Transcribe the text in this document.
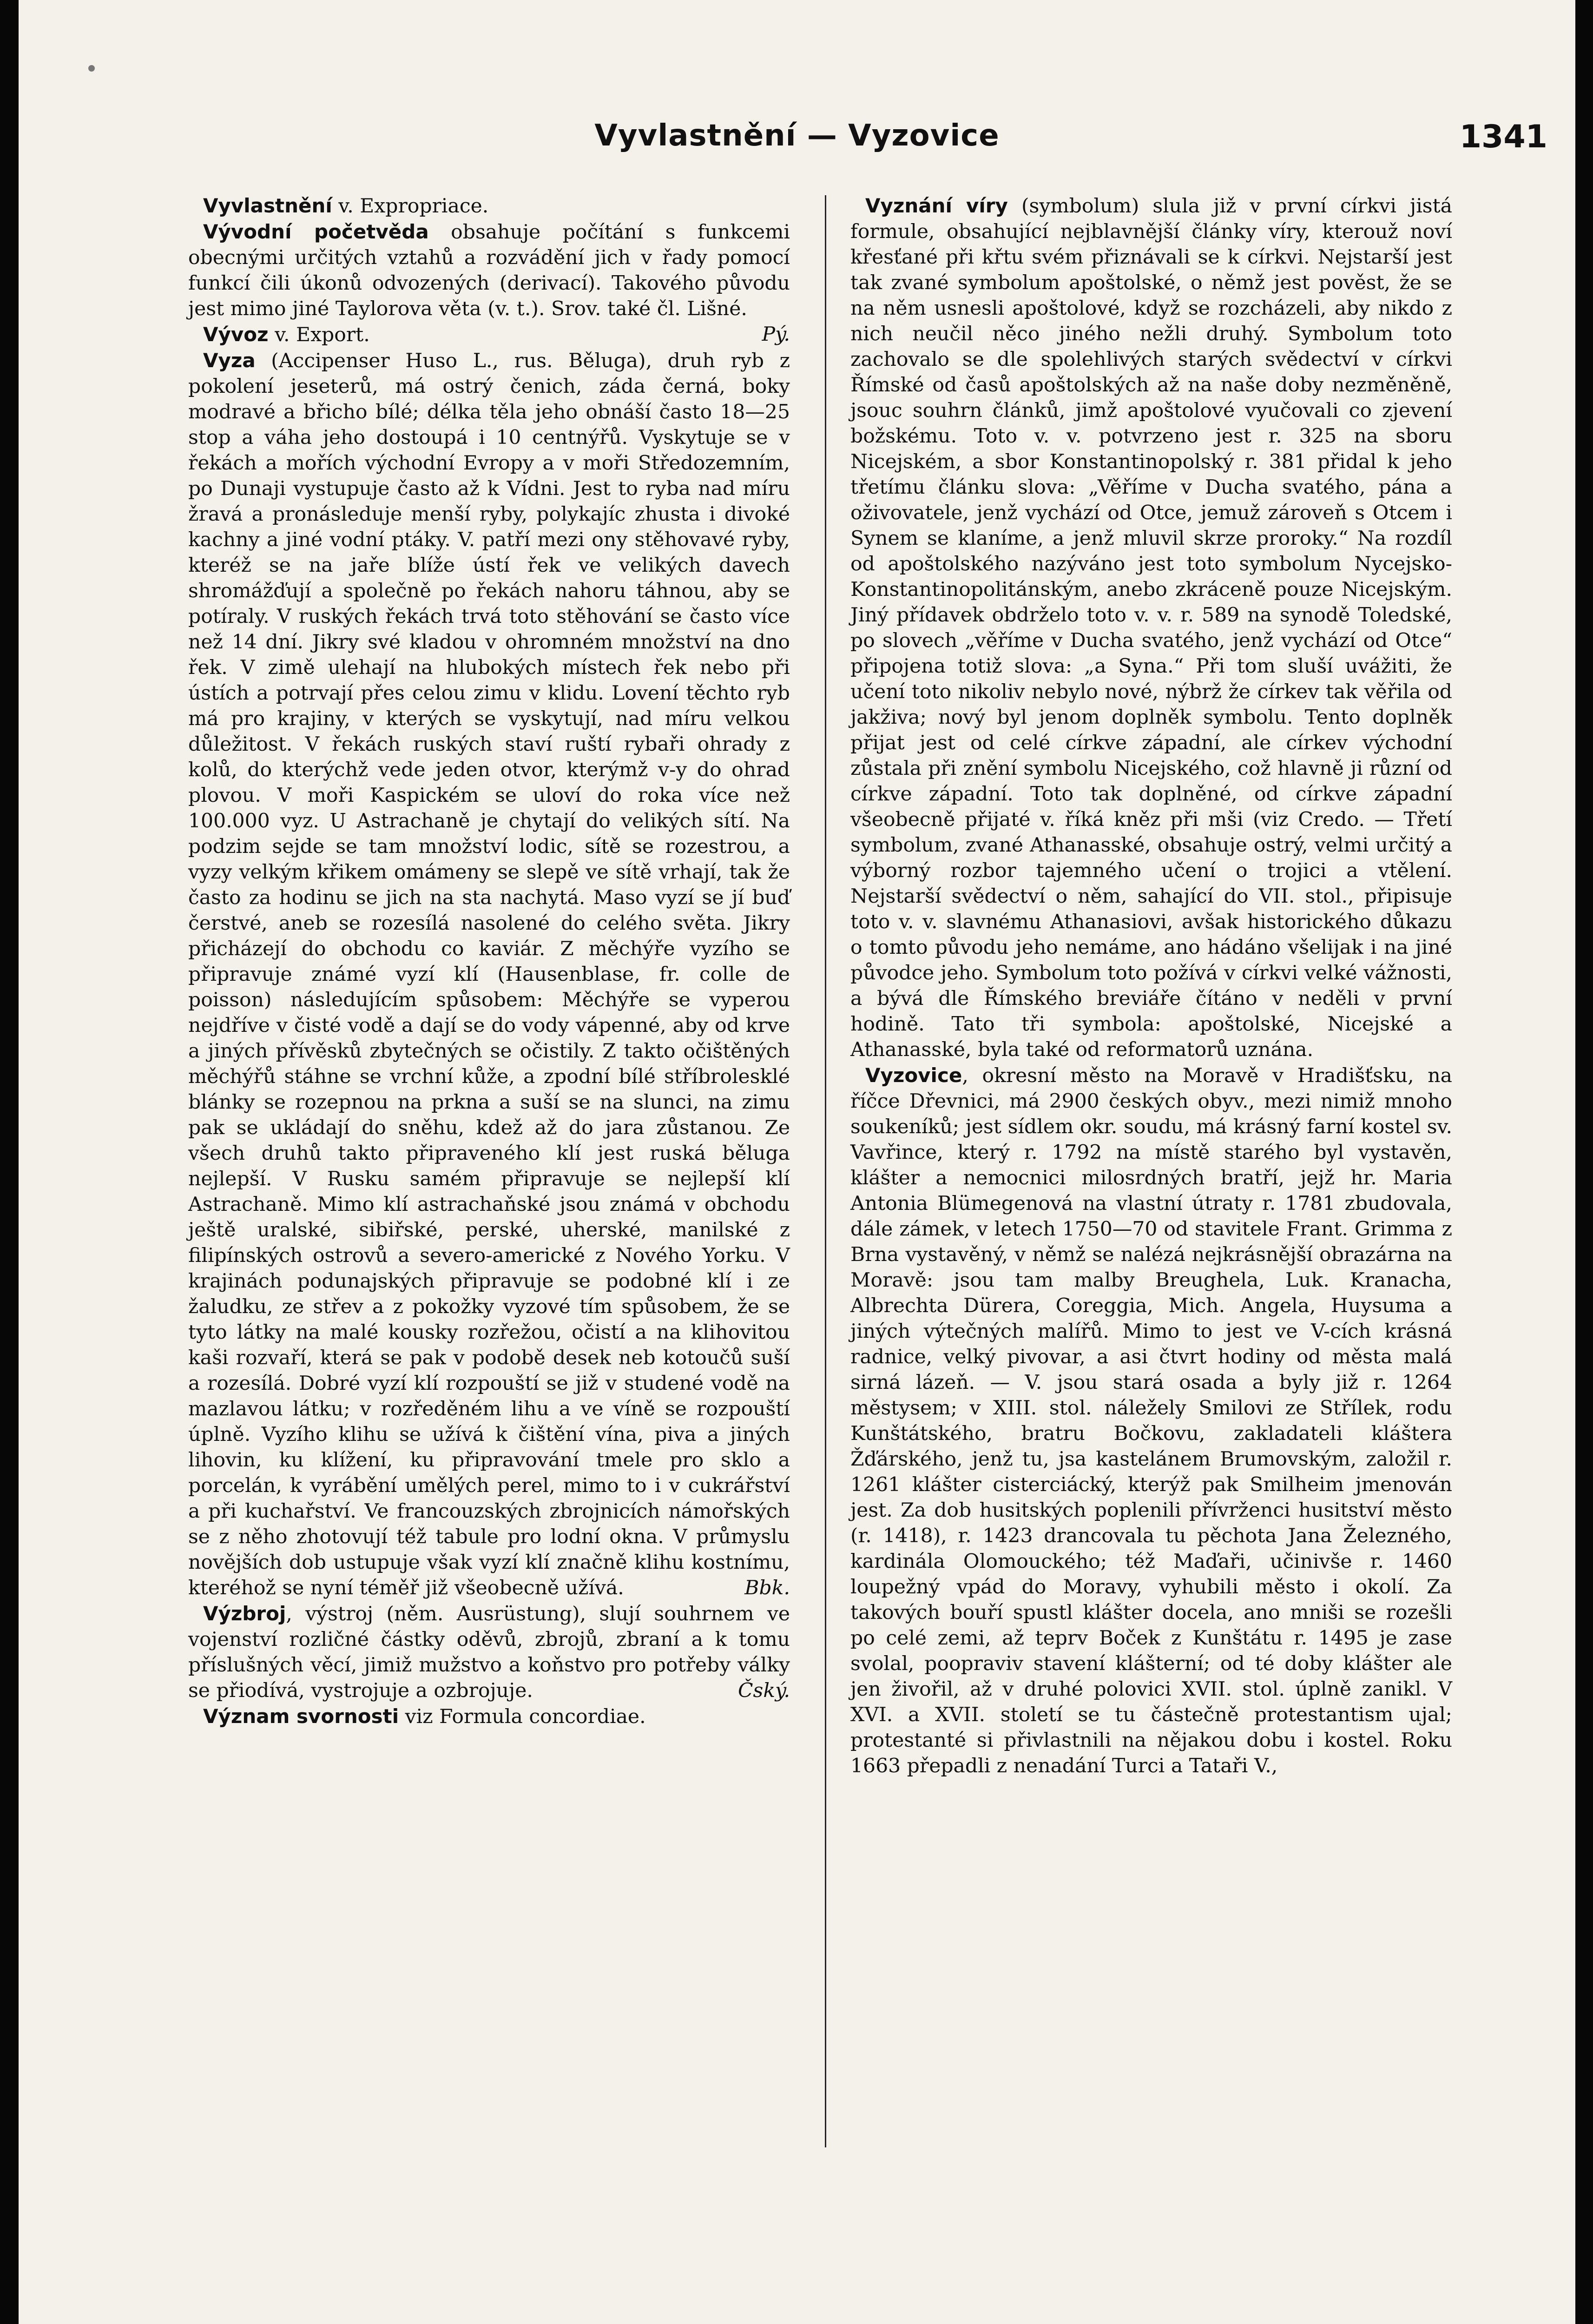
Vyvlastnění — Vyzovice	1341

Vyvlastnění v. Expropriace.

Vývodní početvěda obsahuje počítání s funkcemi obecnými určitých vztahů a rozvádění jich v řady pomocí funkcí čili úkonů odvozených (derivací). Takového původu jest mimo jiné Taylorova věta (v. t.). Srov. také čl. Lišné.
Pý.

Vývoz v. Export.

Vyza (Accipenser Huso L., rus. Běluga), druh ryb z pokolení jeseterů, má ostrý čenich, záda černá, boky modravé a břicho bílé; délka těla jeho obnáší často 18—25 stop a váha jeho dostoupá i 10 centnýřů. Vyskytuje se v řekách a mořích východní Evropy a v moři Středozemním, po Dunaji vystupuje často až k Vídni. Jest to ryba nad míru žravá a pronásleduje menší ryby, polykajíc zhusta i divoké kachny a jiné vodní ptáky. V. patří mezi ony stěhovavé ryby, kteréž se na jaře blíže ústí řek ve velikých davech shromážďují a společně po řekách nahoru táhnou, aby se potíraly. V ruských řekách trvá toto stěhování se často více než 14 dní. Jikry své kladou v ohromném množství na dno řek. V zimě ulehají na hlubokých místech řek nebo při ústích a potrvají přes celou zimu v klidu. Lovení těchto ryb má pro krajiny, v kterých se vyskytují, nad míru velkou důležitost. V řekách ruských staví ruští rybaři ohrady z kolů, do kterýchž vede jeden otvor, kterýmž v-y do ohrad plovou. V moři Kaspickém se uloví do roka více než 100.000 vyz. U Astrachaně je chytají do velikých sítí. Na podzim sejde se tam množství lodic, sítě se rozestrou, a vyzy velkým křikem omámeny se slepě ve sítě vrhají, tak že často za hodinu se jich na sta nachytá. Maso vyzí se jí buď čerstvé, aneb se rozesílá nasolené do celého světa. Jikry přicházejí do obchodu co kaviár. Z měchýře vyzího se připravuje známé vyzí klí (Hausenblase, fr. colle de poisson) následujícím spůsobem: Měchýře se vyperou nejdříve v čisté vodě a dají se do vody vápenné, aby od krve a jiných přívěsků zbytečných se očistily. Z takto očištěných měchýřů stáhne se vrchní kůže, a zpodní bílé stříbrolesklé blánky se rozepnou na prkna a suší se na slunci, na zimu pak se ukládají do sněhu, kdež až do jara zůstanou. Ze všech druhů takto připraveného klí jest ruská běluga nejlepší. V Rusku samém připravuje se nejlepší klí Astrachaně. Mimo klí astrachaňské jsou známá v obchodu ještě uralské, sibiřské, perské, uherské, manilské z filipínských ostrovů a severo-americké z Nového Yorku. V krajinách podunajských připravuje se podobné klí i ze žaludku, ze střev a z pokožky vyzové tím spůsobem, že se tyto látky na malé kousky rozřežou, očistí a na klihovitou kaši rozvaří, která se pak v podobě desek neb kotoučů suší a rozesílá. Dobré vyzí klí rozpouští se již v studené vodě na mazlavou látku; v rozředěném lihu a ve víně se rozpouští úplně. Vyzího klihu se užívá k čištění vína, piva a jiných lihovin, ku klížení, ku připravování tmele pro sklo a porcelán, k vyrábění umělých perel, mimo to i v cukrářství a při kuchařství. Ve francouzských zbrojnicích námořských se z něho zhotovují též tabule pro lodní okna. V průmyslu novějších dob ustupuje však vyzí klí značně klihu kostnímu, kteréhož se nyní téměř již všeobecně užívá.	Bbk.

Výzbroj, výstroj (něm. Ausrüstung), slují souhrnem ve vojenství rozličné částky oděvů, zbrojů, zbraní a k tomu příslušných věcí, jimiž mužstvo a koňstvo pro potřeby války se přiodívá, vystrojuje a ozbrojuje.	Čský.

Význam svornosti viz Formula concordiae.

Vyznání víry (symbolum) slula již v první církvi jistá formule, obsahující nejblavnější články víry, kterouž noví křesťané při křtu svém přiznávali se k církvi. Nejstarší jest tak zvané symbolum apoštolské, o němž jest pověst, že se na něm usnesli apoštolové, když se rozcházeli, aby nikdo z nich neučil něco jiného nežli druhý. Symbolum toto zachovalo se dle spolehlivých starých svědectví v církvi Římské od časů apoštolských až na naše doby nezměněně, jsouc souhrn článků, jimž apoštolové vyučovali co zjevení božskému. Toto v. v. potvrzeno jest r. 325 na sboru Nicejském, a sbor Konstantinopolský r. 381 přidal k jeho třetímu článku slova: „Věříme v Ducha svatého, pána a oživovatele, jenž vychází od Otce, jemuž zároveň s Otcem i Synem se klaníme, a jenž mluvil skrze proroky.“ Na rozdíl od apoštolského nazýváno jest toto symbolum Nycejsko-Konstantinopolitánským, anebo zkráceně pouze Nicejským. Jiný přídavek obdrželo toto v. v. r. 589 na synodě Toledské, po slovech „věříme v Ducha svatého, jenž vychází od Otce“ připojena totiž slova: „a Syna.“ Při tom sluší uvážiti, že učení toto nikoliv nebylo nové, nýbrž že církev tak věřila od jakživa; nový byl jenom doplněk symbolu. Tento doplněk přijat jest od celé církve západní, ale církev východní zůstala při znění symbolu Nicejského, což hlavně ji různí od církve západní. Toto tak doplněné, od církve západní všeobecně přijaté v. říká kněz při mši (viz Credo. — Třetí symbolum, zvané Athanasské, obsahuje ostrý, velmi určitý a výborný rozbor tajemného učení o trojici a vtělení. Nejstarší svědectví o něm, sahající do VII. stol., připisuje toto v. v. slavnému Athanasiovi, avšak historického důkazu o tomto původu jeho nemáme, ano hádáno všelijak i na jiné původce jeho. Symbolum toto požívá v církvi velké vážnosti, a bývá dle Římského breviáře čítáno v neděli v první hodině. Tato tři symbola: apoštolské, Nicejské a Athanasské, byla také od reformatorů uznána.

Vyzovice, okresní město na Moravě v Hradišťsku, na říčce Dřevnici, má 2900 českých obyv., mezi nimiž mnoho soukeníků; jest sídlem okr. soudu, má krásný farní kostel sv. Vavřince, který r. 1792 na místě starého byl vystavěn, klášter a nemocnici milosrdných bratří, jejž hr. Maria Antonia Blümegenová na vlastní útraty r. 1781 zbudovala, dále zámek, v letech 1750—70 od stavitele Frant. Grimma z Brna vystavěný, v němž se nalézá nejkrásnější obrazárna na Moravě: jsou tam malby Breughela, Luk. Kranacha, Albrechta Dürera, Coreggia, Mich. Angela, Huysuma a jiných výtečných malířů. Mimo to jest ve V-cích krásná radnice, velký pivovar, a asi čtvrt hodiny od města malá sirná lázeň. — V. jsou stará osada a byly již r. 1264 městysem; v XIII. stol. náležely Smilovi ze Střílek, rodu Kunštátského, bratru Bočkovu, zakladateli kláštera Žďárského, jenž tu, jsa kastelánem Brumovským, založil r. 1261 klášter cisterciácký, kterýž pak Smilheim jmenován jest. Za dob husitských poplenili přívrženci husitství město (r. 1418), r. 1423 drancovala tu pěchota Jana Železného, kardinála Olomouckého; též Maďaři, učinivše r. 1460 loupežný vpád do Moravy, vyhubili město i okolí. Za takových bouří spustl klášter docela, ano mniši se rozešli po celé zemi, až teprv Boček z Kunštátu r. 1495 je zase svolal, poopraviv stavení klášterní; od té doby klášter ale jen živořil, až v druhé polovici XVII. stol. úplně zanikl. V XVI. a XVII. století se tu částečně protestantism ujal; protestanté si přivlastnili na nějakou dobu i kostel. Roku 1663 přepadli z nenadání Turci a Tataři V.,
